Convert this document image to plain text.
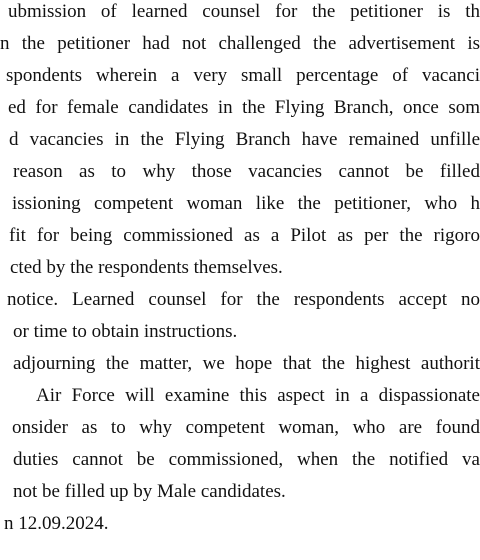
ubmission of learned counsel for the petitioner is th
n the petitioner had not challenged the advertisement is
spondents wherein a very small percentage of vacanci
ed for female candidates in the Flying Branch, once som
d vacancies in the Flying Branch have remained unfille
reason as to why those vacancies cannot be filled
issioning competent woman like the petitioner, who h
fit for being commissioned as a Pilot as per the rigoro
cted by the respondents themselves.
notice. Learned counsel for the respondents accept no
or time to obtain instructions.
adjourning the matter, we hope that the highest authorit
Air Force will examine this aspect in a dispassionate
onsider as to why competent woman, who are found
duties cannot be commissioned, when the notified va
not be filled up by Male candidates.
n 12.09.2024.
